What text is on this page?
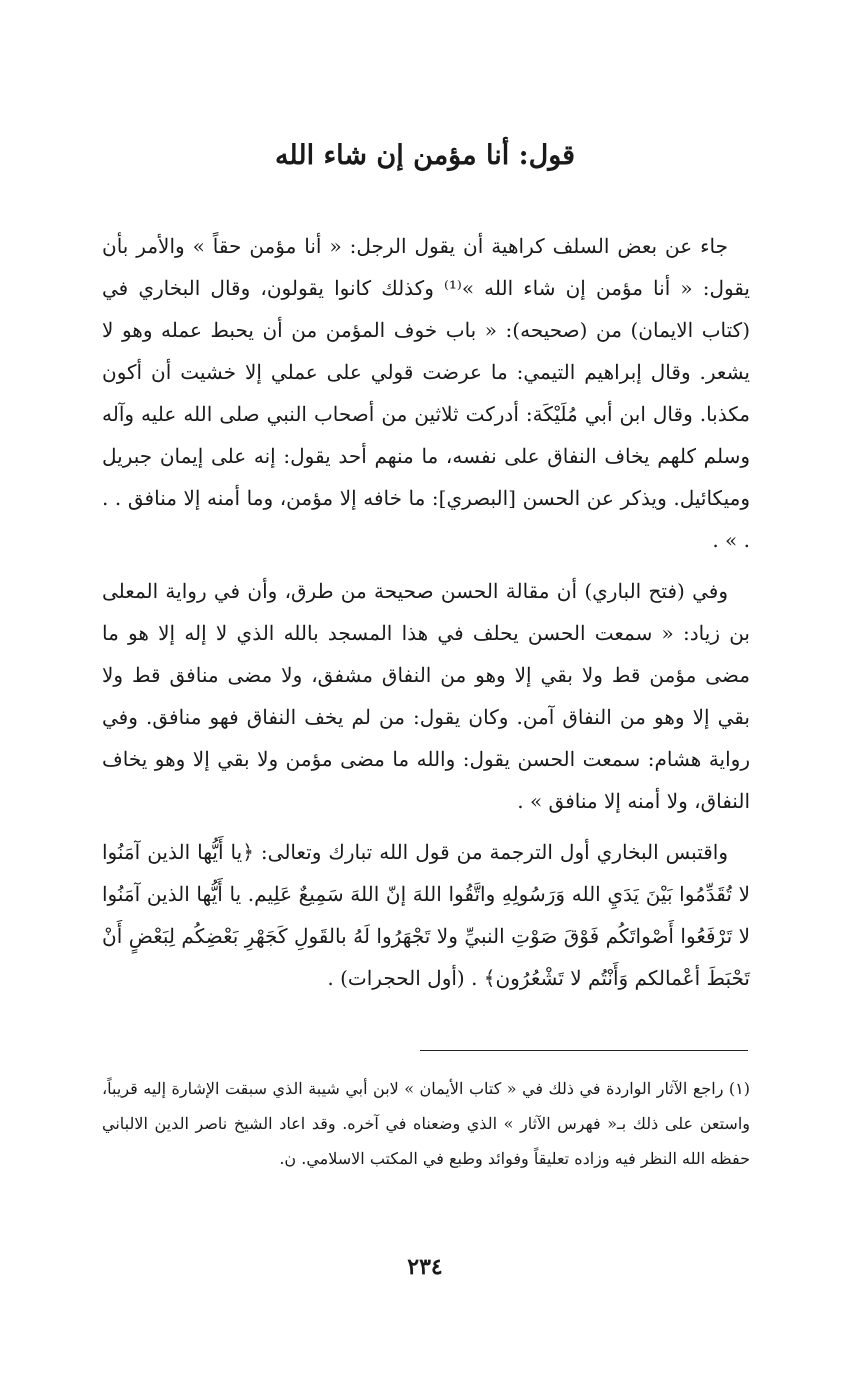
قول: أنا مؤمن إن شاء الله

جاء عن بعض السلف كراهية أن يقول الرجل: « أنا مؤمن حقاً » والأمر بأن يقول: « أنا مؤمن إن شاء الله »⁽¹⁾ وكذلك كانوا يقولون، وقال البخاري في (كتاب الايمان) من (صحيحه): « باب خوف المؤمن من أن يحبط عمله وهو لا يشعر. وقال إبراهيم التيمي: ما عرضت قولي على عملي إلا خشيت أن أكون مكذبا. وقال ابن أبي مُلَيْكَة: أدركت ثلاثين من أصحاب النبي صلى الله عليه وآله وسلم كلهم يخاف النفاق على نفسه، ما منهم أحد يقول: إنه على إيمان جبريل وميكائيل. ويذكر عن الحسن [البصري]: ما خافه إلا مؤمن، وما أمنه إلا منافق . . . » .

وفي (فتح الباري) أن مقالة الحسن صحيحة من طرق، وأن في رواية المعلى بن زياد: « سمعت الحسن يحلف في هذا المسجد بالله الذي لا إله إلا هو ما مضى مؤمن قط ولا بقي إلا وهو من النفاق مشفق، ولا مضى منافق قط ولا بقي إلا وهو من النفاق آمن. وكان يقول: من لم يخف النفاق فهو منافق. وفي رواية هشام: سمعت الحسن يقول: والله ما مضى مؤمن ولا بقي إلا وهو يخاف النفاق، ولا أمنه إلا منافق » .

واقتبس البخاري أول الترجمة من قول الله تبارك وتعالى: ﴿يا أَيُّها الذين آمَنُوا لا تُقَدِّمُوا بَيْنَ يَدَيِ الله وَرَسُولِهِ واتَّقُوا اللهَ إنّ اللهَ سَمِيعٌ عَلِيم. يا أَيُّها الذين آمَنُوا لا تَرْفَعُوا أَصْواتَكُم فَوْقَ صَوْتِ النبيِّ ولا تَجْهَرُوا لَهُ بالقَولِ كَجَهْرِ بَعْضِكُم لِبَعْضٍ أَنْ تَحْبَطَ أعْمالكم وَأَنْتُم لا تَشْعُرُون﴾ . (أول الحجرات) .

(١) راجع الآثار الواردة في ذلك في « كتاب الأيمان » لابن أبي شيبة الذي سبقت الإشارة إليه قريباً، واستعن على ذلك بـ« فهرس الآثار » الذي وضعناه في آخره. وقد اعاد الشيخ ناصر الدين الالباني حفظه الله النظر فيه وزاده تعليقاً وفوائد وطبع في المكتب الاسلامي. ن.

٢٣٤
